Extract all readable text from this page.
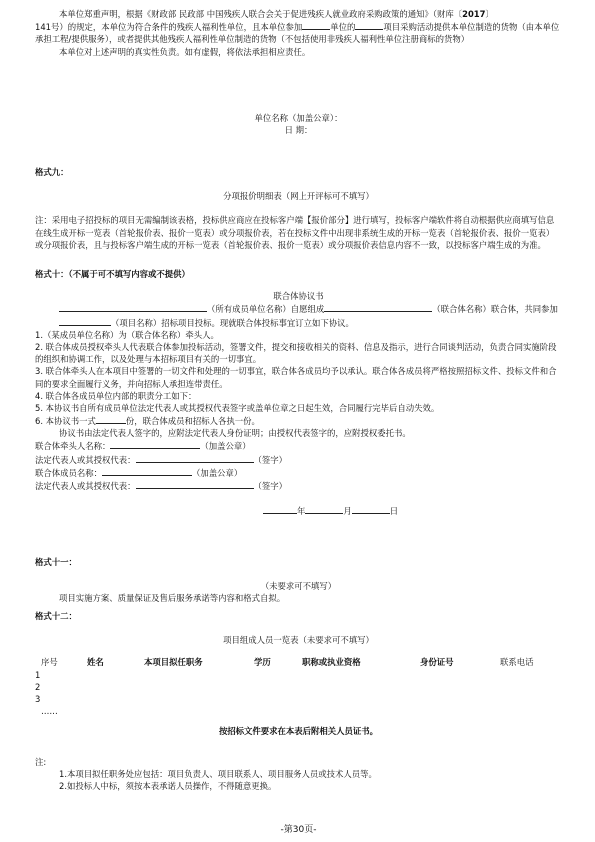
本单位郑重声明，根据《财政部 民政部 中国残疾人联合会关于促进残疾人就业政府采购政策的通知》（财库〔2017〕
141号）的规定，本单位为符合条件的残疾人福利性单位，且本单位参加	单位的	项目采购活动提供本单位制造的货物（由本单位承担工程/提供服务），或者提供其他残疾人福利性单位制造的货物（不包括使用非残疾人福利性单位注册商标的货物）

本单位对上述声明的真实性负责。如有虚假，将依法承担相应责任。

单位名称（加盖公章）：

日 期：

格式九：

分项报价明细表（网上开评标可不填写）

注：采用电子招投标的项目无需编制该表格，投标供应商应在投标客户端【报价部分】进行填写，投标客户端软件将自动根据供应商填写信息在线生成开标一览表（首轮报价表、报价一览表）或分项报价表，若在投标文件中出现非系统生成的开标一览表（首轮报价表、报价一览表）或分项报价表，且与投标客户端生成的开标一览表（首轮报价表、报价一览表）或分项报价表信息内容不一致，以投标客户端生成的为准。

格式十：（不属于可不填写内容或不提供）

联合体协议书

（所有成员单位名称）自愿组成	（联合体名称）联合体，共同参加

（项目名称）招标项目投标。现就联合体投标事宜订立如下协议。

1.（某成员单位名称）为（联合体名称）牵头人。

2. 联合体成员授权牵头人代表联合体参加投标活动，签署文件，提交和接收相关的资料、信息及指示，进行合同谈判活动，负责合同实施阶段的组织和协调工作，以及处理与本招标项目有关的一切事宜。

3. 联合体牵头人在本项目中签署的一切文件和处理的一切事宜，联合体各成员均予以承认。联合体各成员将严格按照招标文件、投标文件和合同的要求全面履行义务，并向招标人承担连带责任。

4. 联合体各成员单位内部的职责分工如下：

5. 本协议书自所有成员单位法定代表人或其授权代表签字或盖单位章之日起生效，合同履行完毕后自动失效。

6. 本协议书一式	份，联合体成员和招标人各执一份。

协议书由法定代表人签字的，应附法定代表人身份证明；由授权代表签字的，应附授权委托书。

联合体牵头人名称：	（加盖公章）

法定代表人或其授权代表：	（签字）

联合体成员名称：	（加盖公章）

法定代表人或其授权代表：	（签字）

年	月	日

格式十一：

（未要求可不填写）

项目实施方案、质量保证及售后服务承诺等内容和格式自拟。

格式十二：

项目组成人员一览表（未要求可不填写）

序号	姓名	本项目拟任职务	学历	职称或执业资格	身份证号	联系电话

1

2

3

……

按招标文件要求在本表后附相关人员证书。

注:

1.本项目拟任职务处应包括：项目负责人、项目联系人、项目服务人员或技术人员等。

2.如投标人中标，须按本表承诺人员操作，不得随意更换。

-第30页-
